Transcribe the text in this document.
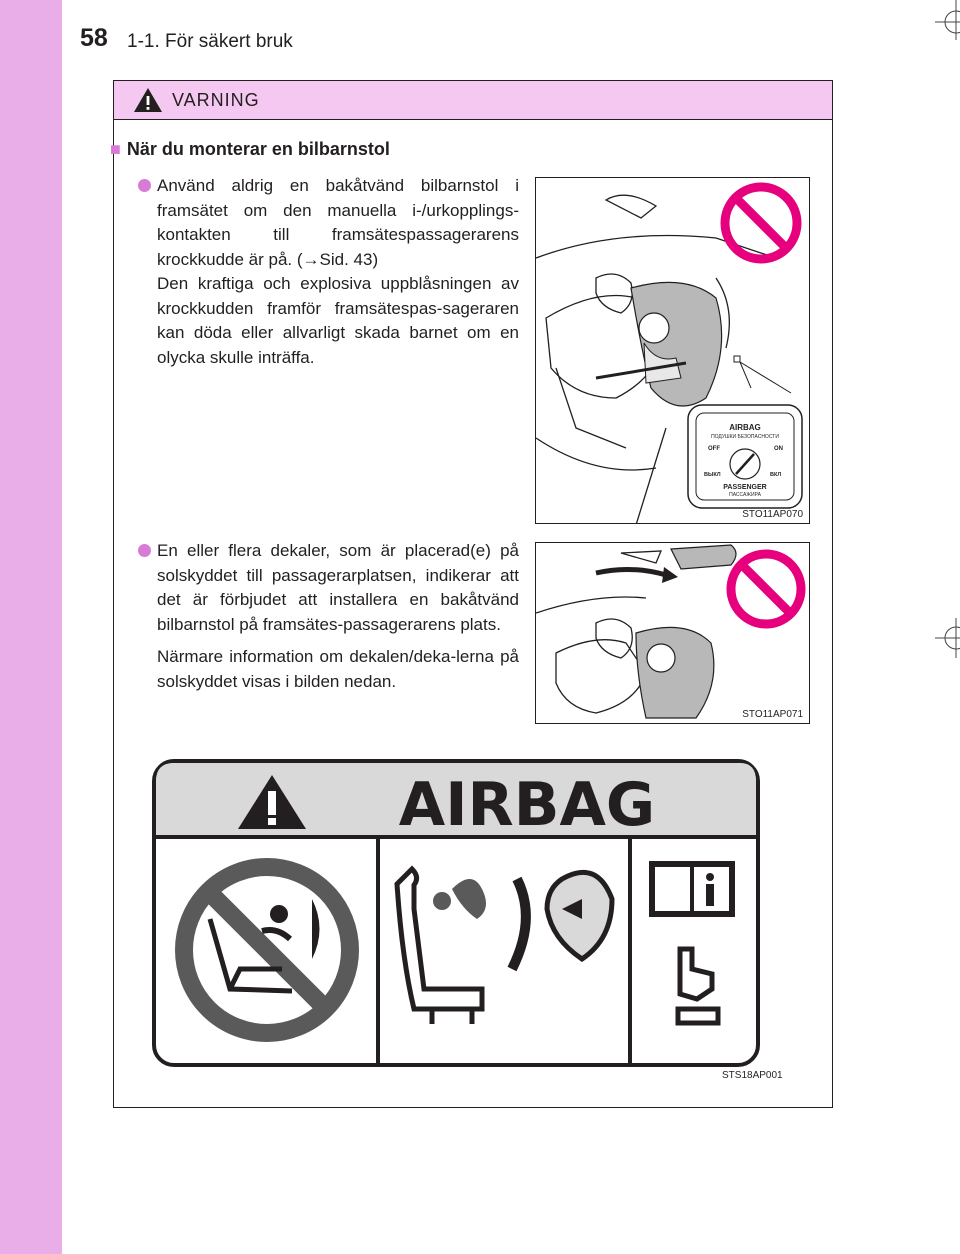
58 1-1. För säkert bruk
VARNING
■ När du monterar en bilbarnstol
Använd aldrig en bakåtvänd bilbarnstol i framsätet om den manuella i-/urkopplings-kontakten till framsätespassagerarens krockkudde är på. (→Sid. 43)
Den kraftiga och explosiva uppblåsningen av krockkudden framför framsätespas-sageraren kan döda eller allvarligt skada barnet om en olycka skulle inträffa.
En eller flera dekaler, som är placerad(e) på solskyddet till passagerarplatsen, indikerar att det är förbjudet att installera en bakåtvänd bilbarnstol på framsätes-passagerarens plats.
Närmare information om dekalen/deka-lerna på solskyddet visas i bilden nedan.
AIRBAG
ПОДУШКИ БЕЗОПАСНОСТИ
OFF	ON
ВЫКЛ	ВКЛ
PASSENGER
ПАССАЖИРА
STO11AP070
STO11AP071
AIRBAG
STS18AP001
